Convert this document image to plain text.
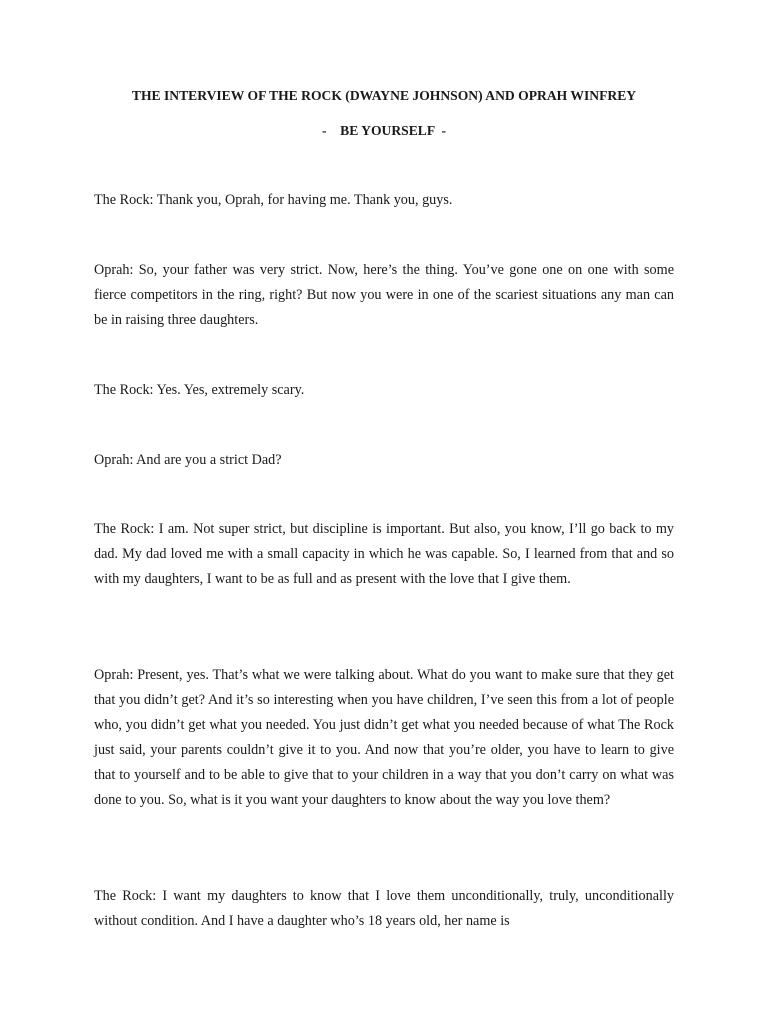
THE INTERVIEW OF THE ROCK (DWAYNE JOHNSON) AND OPRAH WINFREY
-    BE YOURSELF  -

The Rock: Thank you, Oprah, for having me. Thank you, guys.

Oprah: So, your father was very strict. Now, here’s the thing. You’ve gone one on one with some fierce competitors in the ring, right? But now you were in one of the scariest situations any man can be in raising three daughters.

The Rock: Yes. Yes, extremely scary.

Oprah: And are you a strict Dad?

The Rock: I am. Not super strict, but discipline is important. But also, you know, I’ll go back to my dad. My dad loved me with a small capacity in which he was capable. So, I learned from that and so with my daughters, I want to be as full and as present with the love that I give them.

Oprah: Present, yes. That’s what we were talking about. What do you want to make sure that they get that you didn’t get? And it’s so interesting when you have children, I’ve seen this from a lot of people who, you didn’t get what you needed. You just didn’t get what you needed because of what The Rock just said, your parents couldn’t give it to you. And now that you’re older, you have to learn to give that to yourself and to be able to give that to your children in a way that you don’t carry on what was done to you. So, what is it you want your daughters to know about the way you love them?

The Rock: I want my daughters to know that I love them unconditionally, truly, unconditionally without condition. And I have a daughter who’s 18 years old, her name is
